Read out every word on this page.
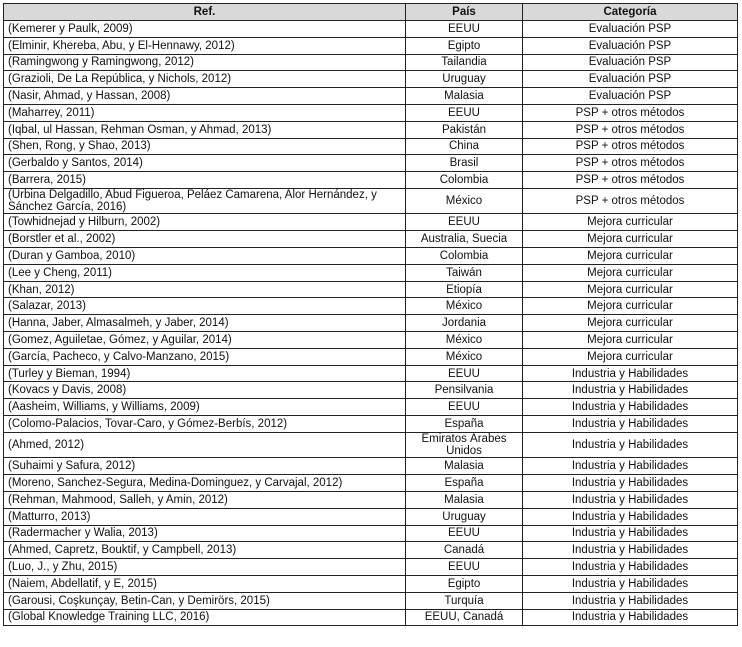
Ref.	País	Categoría
(Kemerer y Paulk, 2009)	EEUU	Evaluación PSP
(Elminir, Khereba, Abu, y El-Hennawy, 2012)	Egipto	Evaluación PSP
(Ramingwong y Ramingwong, 2012)	Tailandia	Evaluación PSP
(Grazioli, De La República, y Nichols, 2012)	Uruguay	Evaluación PSP
(Nasir, Ahmad, y Hassan, 2008)	Malasia	Evaluación PSP
(Maharrey, 2011)	EEUU	PSP + otros métodos
(Iqbal, ul Hassan, Rehman Osman, y Ahmad, 2013)	Pakistán	PSP + otros métodos
(Shen, Rong, y Shao, 2013)	China	PSP + otros métodos
(Gerbaldo y Santos, 2014)	Brasil	PSP + otros métodos
(Barrera, 2015)	Colombia	PSP + otros métodos
(Urbina Delgadillo, Abud Figueroa, Peláez Camarena, Alor Hernández, y Sánchez García, 2016)	México	PSP + otros métodos
(Towhidnejad y Hilburn, 2002)	EEUU	Mejora curricular
(Borstler et al., 2002)	Australia, Suecia	Mejora curricular
(Duran y Gamboa, 2010)	Colombia	Mejora curricular
(Lee y Cheng, 2011)	Taiwán	Mejora curricular
(Khan, 2012)	Etiopía	Mejora curricular
(Salazar, 2013)	México	Mejora curricular
(Hanna, Jaber, Almasalmeh, y Jaber, 2014)	Jordania	Mejora curricular
(Gomez, Aguiletae, Gómez, y Aguilar, 2014)	México	Mejora curricular
(García, Pacheco, y Calvo-Manzano, 2015)	México	Mejora curricular
(Turley y Bieman, 1994)	EEUU	Industria y Habilidades
(Kovacs y Davis, 2008)	Pensilvania	Industria y Habilidades
(Aasheim, Williams, y Williams, 2009)	EEUU	Industria y Habilidades
(Colomo-Palacios, Tovar-Caro, y Gómez-Berbís, 2012)	España	Industria y Habilidades
(Ahmed, 2012)	Emiratos Árabes Unidos	Industria y Habilidades
(Suhaimi y Safura, 2012)	Malasia	Industria y Habilidades
(Moreno, Sanchez-Segura, Medina-Dominguez, y Carvajal, 2012)	España	Industria y Habilidades
(Rehman, Mahmood, Salleh, y Amin, 2012)	Malasia	Industria y Habilidades
(Matturro, 2013)	Uruguay	Industria y Habilidades
(Radermacher y Walia, 2013)	EEUU	Industria y Habilidades
(Ahmed, Capretz, Bouktif, y Campbell, 2013)	Canadá	Industria y Habilidades
(Luo, J., y Zhu, 2015)	EEUU	Industria y Habilidades
(Naiem, Abdellatif, y E, 2015)	Egipto	Industria y Habilidades
(Garousi, Coşkunçay, Betin-Can, y Demirörs, 2015)	Turquía	Industria y Habilidades
(Global Knowledge Training LLC, 2016)	EEUU, Canadá	Industria y Habilidades
